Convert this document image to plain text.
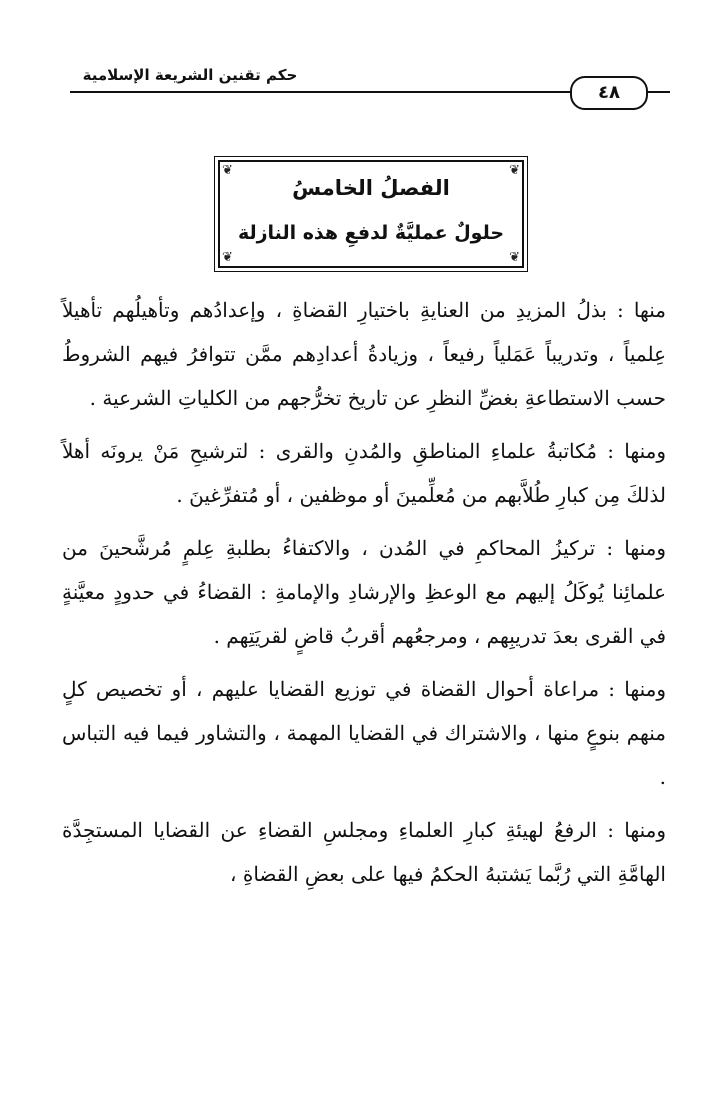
حكم تقنين الشريعة الإسلامية
٤٨
❦	❦
❦	❦
الفصلُ الخامسُ
حلولٌ عمليَّةٌ لدفعِ هذه النازلة

منها : بذلُ المزيدِ من العنايةِ باختيارِ القضاةِ ، وإعدادُهم وتأهيلُهم تأهيلاً عِلمياً ، وتدريباً عَمَلياً رفيعاً ، وزيادةُ أعدادِهم ممَّن تتوافرُ فيهم الشروطُ حسب الاستطاعةِ بغضِّ النظرِ عن تاريخ تخرُّجهم من الكلياتِ الشرعية .

ومنها : مُكاتبةُ علماءِ المناطقِ والمُدنِ والقرى : لترشيحِ مَنْ يرونَه أهلاً لذلكَ مِن كبارِ طُلاَّبهم من مُعلِّمينَ أو موظفين ، أو مُتفرِّغينَ .

ومنها : تركيزُ المحاكمِ في المُدن ، والاكتفاءُ بطلبةِ عِلمٍ مُرشَّحينَ من علمائِنا يُوكَلُ إليهم مع الوعظِ والإرشادِ والإمامةِ : القضاءُ في حدودٍ معيَّنةٍ في القرى بعدَ تدريبِهم ، ومرجعُهم أقربُ قاضٍ لقريَتِهم .

ومنها : مراعاة أحوال القضاة في توزيع القضايا عليهم ، أو تخصيص كلٍ منهم بنوعٍ منها ، والاشتراك في القضايا المهمة ، والتشاور فيما فيه التباس .

ومنها : الرفعُ لهيئةِ كبارِ العلماءِ ومجلسِ القضاءِ عن القضايا المستجِدَّة الهامَّةِ التي رُبَّما يَشتبهُ الحكمُ فيها على بعضِ القضاةِ ،
